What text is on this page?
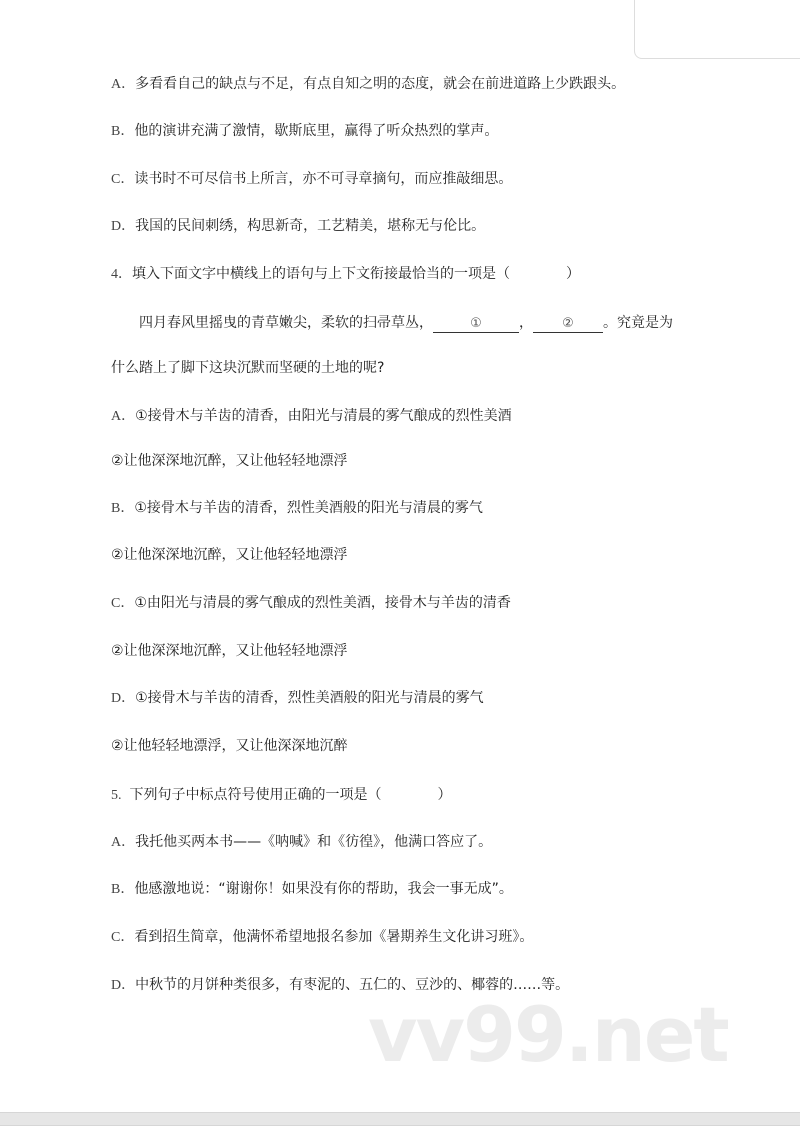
A．多看看自己的缺点与不足，有点自知之明的态度，就会在前进道路上少跌跟头。
B．他的演讲充满了激情，歇斯底里，赢得了听众热烈的掌声。
C．读书时不可尽信书上所言，亦不可寻章摘句，而应推敲细思。
D．我国的民间刺绣，构思新奇，工艺精美，堪称无与伦比。
4．填入下面文字中横线上的语句与上下文衔接最恰当的一项是（　　　　）
四月春风里摇曳的青草嫩尖，柔软的扫帚草丛，	①	， ② 。究竟是为
什么踏上了脚下这块沉默而坚硬的土地的呢?
A．①接骨木与羊齿的清香，由阳光与清晨的雾气酿成的烈性美酒
②让他深深地沉醉，又让他轻轻地漂浮
B．①接骨木与羊齿的清香，烈性美酒般的阳光与清晨的雾气
②让他深深地沉醉，又让他轻轻地漂浮
C．①由阳光与清晨的雾气酿成的烈性美酒，接骨木与羊齿的清香
②让他深深地沉醉，又让他轻轻地漂浮
D．①接骨木与羊齿的清香，烈性美酒般的阳光与清晨的雾气
②让他轻轻地漂浮，又让他深深地沉醉
5. 下列句子中标点符号使用正确的一项是（　　　　）
A．我托他买两本书——《呐喊》和《彷徨》，他满口答应了。
B．他感激地说：“谢谢你！如果没有你的帮助，我会一事无成”。
C．看到招生简章，他满怀希望地报名参加《暑期养生文化讲习班》。
D．中秋节的月饼种类很多，有枣泥的、五仁的、豆沙的、椰蓉的……等。
vv99.net
